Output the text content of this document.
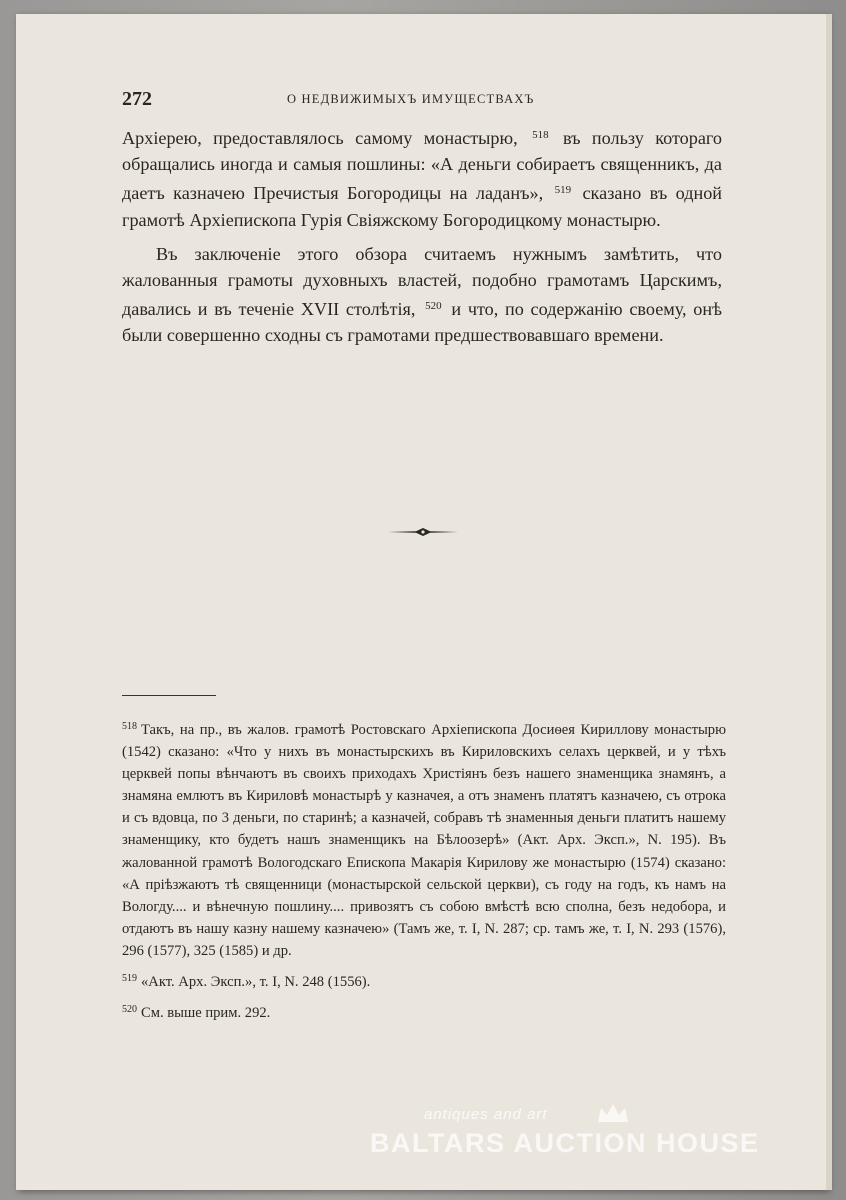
272	О НЕДВИЖИМЫХЪ ИМУЩЕСТВАХЪ

Архiерею, предоставлялось самому монастырю, $^{518}$ въ пользу котораго обращались иногда и самыя пошлины: «А деньги собираетъ священникъ, да даетъ казначею Пречистыя Богородицы на ладанъ», $^{519}$ сказано въ одной грамотѣ Архiепископа Гурiя Свiяжскому Богородицкому монастырю.

Въ заключенiе этого обзора считаемъ нужнымъ замѣтить, что жалованныя грамоты духовныхъ властей, подобно грамотамъ Царскимъ, давались и въ теченiе XVII столѣтiя, $^{520}$ и что, по содержанiю своему, онѣ были совершенно сходны съ грамотами предшествовавшаго времени.

$^{518}$ Такъ, на пр., въ жалов. грамотѣ Ростовскаго Архiепископа Досиѳея Кириллову монастырю (1542) сказано: «Что у нихъ въ монастырскихъ въ Кириловскихъ селахъ церквей, и у тѣхъ церквей попы вѣнчаютъ въ своихъ приходахъ Христiянъ безъ нашего знаменщика знамянъ, а знамяна емлютъ въ Кириловѣ монастырѣ у казначея, а отъ знаменъ платятъ казначею, съ отрока и съ вдовца, по 3 деньги, по старинѣ; а казначей, собравъ тѣ знаменныя деньги платитъ нашему знаменщику, кто будетъ нашъ знаменщикъ на Бѣлоозерѣ» (Акт. Арх. Эксп.», N. 195). Въ жалованной грамотѣ Вологодскаго Епископа Макарiя Кирилову же монастырю (1574) сказано: «А прiѣзжаютъ тѣ священници (монастырской сельской церкви), съ году на годъ, къ намъ на Вологду.... и вѣнечную пошлину.... привозятъ съ собою вмѣстѣ всю сполна, безъ недобора, и отдаютъ въ нашу казну нашему казначею» (Тамъ же, т. I, N. 287; ср. тамъ же, т. I, N. 293 (1576), 296 (1577), 325 (1585) и др.

$^{519}$ «Акт. Арх. Эксп.», т. I, N. 248 (1556).

$^{520}$ См. выше прим. 292.

antiques and art
BALTARS AUCTION HOUSE
